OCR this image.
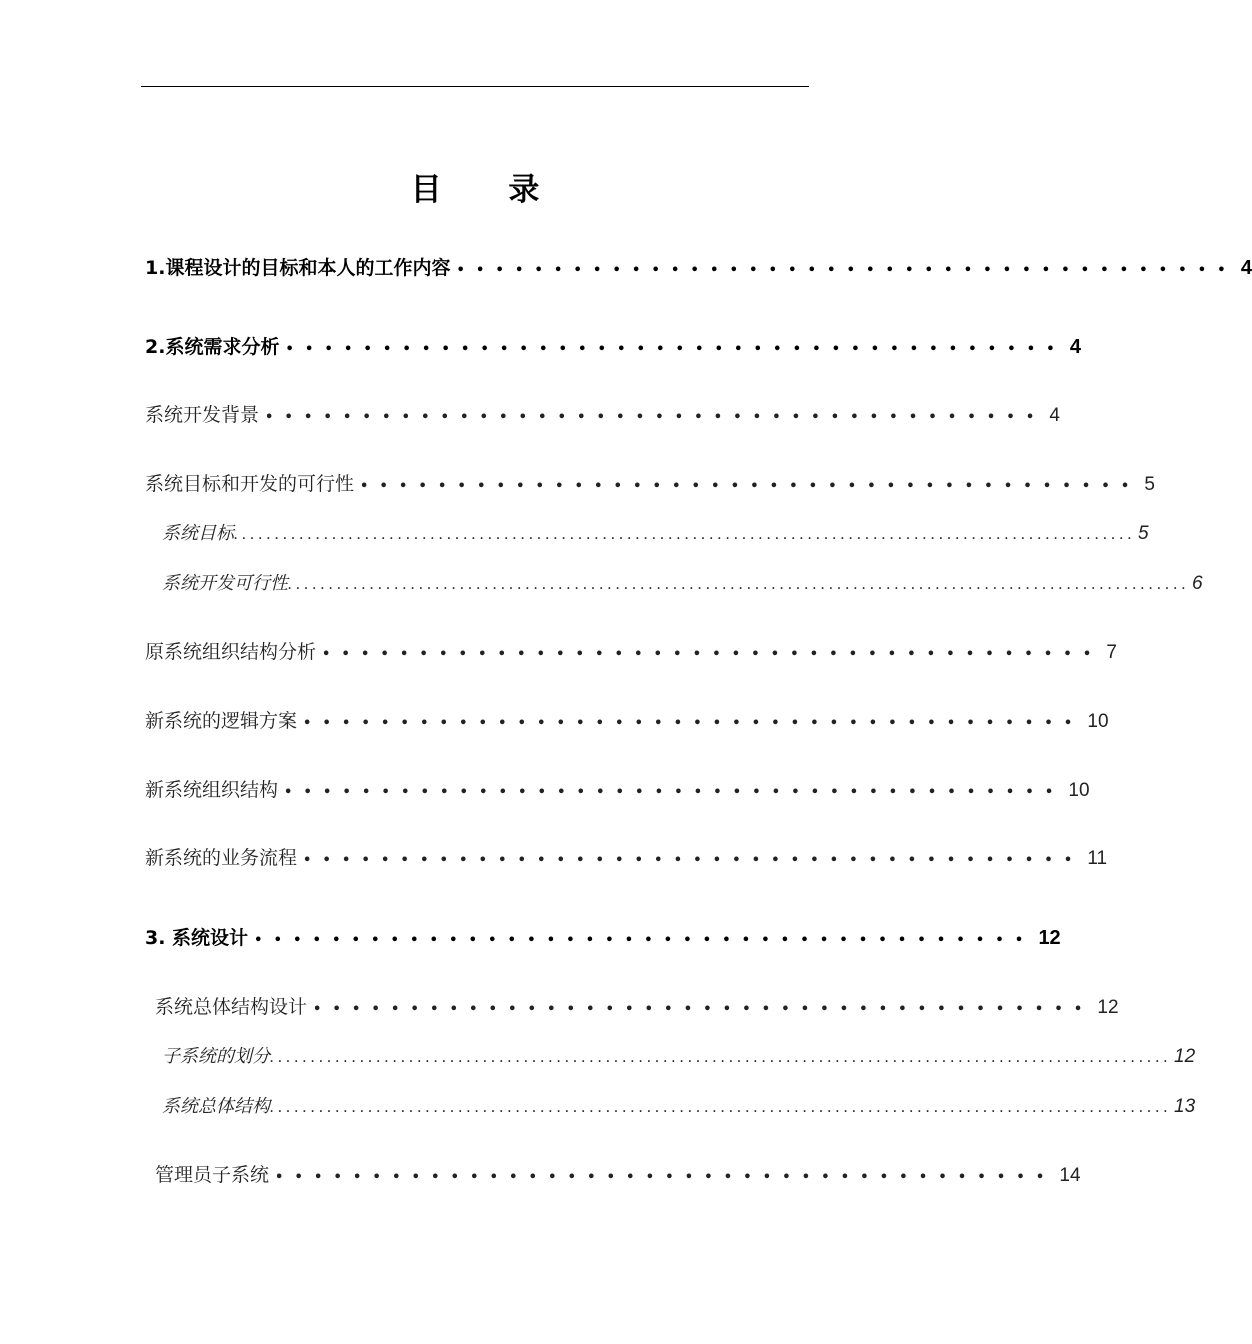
目 录
1.课程设计的目标和本人的工作内容 •••••••••••••••••••••••••••••••••••••••• 4
2.系统需求分析 •••••••••••••••••••••••••••••••••••••••• 4
系统开发背景 •••••••••••••••••••••••••••••••••••••••• 4
系统目标和开发的可行性 •••••••••••••••••••••••••••••••••••••••• 5
系统目标 .............................................................................................................. 5
系统开发可行性 .............................................................................................................. 6
原系统组织结构分析 •••••••••••••••••••••••••••••••••••••••• 7
新系统的逻辑方案 •••••••••••••••••••••••••••••••••••••••• 10
新系统组织结构 •••••••••••••••••••••••••••••••••••••••• 10
新系统的业务流程 •••••••••••••••••••••••••••••••••••••••• 11
3. 系统设计 •••••••••••••••••••••••••••••••••••••••• 12
系统总体结构设计 •••••••••••••••••••••••••••••••••••••••• 12
子系统的划分 .............................................................................................................. 12
系统总体结构 .............................................................................................................. 13
管理员子系统 •••••••••••••••••••••••••••••••••••••••• 14
